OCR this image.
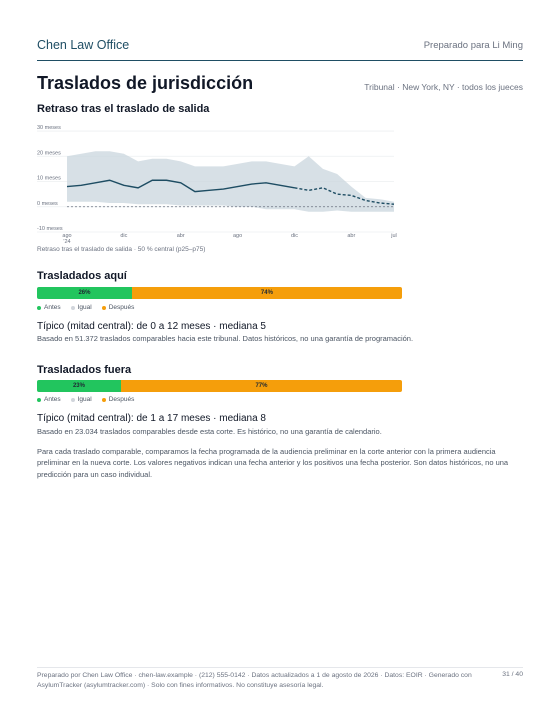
Chen Law Office	Preparado para Li Ming
Traslados de jurisdicción	Tribunal · New York, NY · todos los jueces
Retraso tras el traslado de salida
-10 meses
0 meses
10 meses
20 meses
30 meses
ago
'24
dic	abr	ago	dic	abr	jul
Retraso tras el traslado de salida · 50 % central (p25–p75)
Trasladados aquí
26%	74%
Antes	Igual	Después
Típico (mitad central): de 0 a 12 meses · mediana 5
Basado en 51.372 traslados comparables hacia este tribunal. Datos históricos, no una garantía de programación.
Trasladados fuera
23%	77%
Antes	Igual	Después
Típico (mitad central): de 1 a 17 meses · mediana 8
Basado en 23.034 traslados comparables desde esta corte. Es histórico, no una garantía de calendario.
Para cada traslado comparable, comparamos la fecha programada de la audiencia preliminar en la corte anterior con la primera audiencia preliminar en la nueva corte. Los valores negativos indican una fecha anterior y los positivos una fecha posterior. Son datos históricos, no una predicción para un caso individual.
Preparado por Chen Law Office · chen-law.example · (212) 555-0142 · Datos actualizados a 1 de agosto de 2026 · Datos: EOIR · Generado con AsylumTracker (asylumtracker.com) · Solo con fines informativos. No constituye asesoría legal.
31 / 40
